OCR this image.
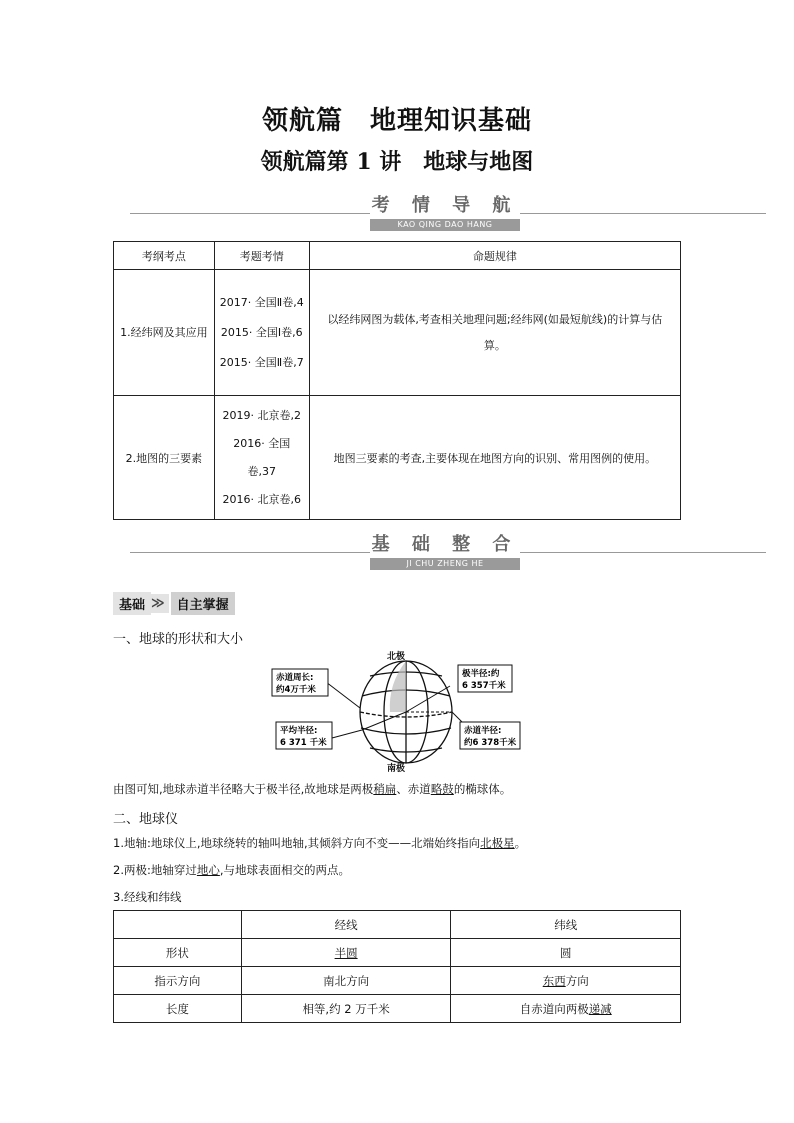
领航篇　地理知识基础
领航篇第 1 讲　地球与地图
考 情 导 航
KAO QING DAO HANG
考纲考点	考题考情	命题规律
1.经纬网及其应用	2017· 全国Ⅱ卷,4
2015· 全国Ⅰ卷,6
2015· 全国Ⅱ卷,7	以经纬网图为载体,考查相关地理问题;经纬网(如最短航线)的计算与估算。
2.地图的三要素	2019· 北京卷,2
2016· 全国
卷,37
2016· 北京卷,6	地图三要素的考查,主要体现在地图方向的识别、常用图例的使用。
基 础 整 合
JI CHU ZHENG HE
基础 ≫ 自主掌握
一、地球的形状和大小
北极
南极
赤道周长:
约4万千米
平均半径:
6 371 千米
极半径:约
6 357千米
赤道半径:
约6 378千米
由图可知,地球赤道半径略大于极半径,故地球是两极稍扁、赤道略鼓的椭球体。
二、地球仪
1.地轴:地球仪上,地球绕转的轴叫地轴,其倾斜方向不变——北端始终指向北极星。
2.两极:地轴穿过地心,与地球表面相交的两点。
3.经线和纬线
	经线	纬线
形状	半圆	圆
指示方向	南北方向	东西方向
长度	相等,约 2 万千米	自赤道向两极递减
